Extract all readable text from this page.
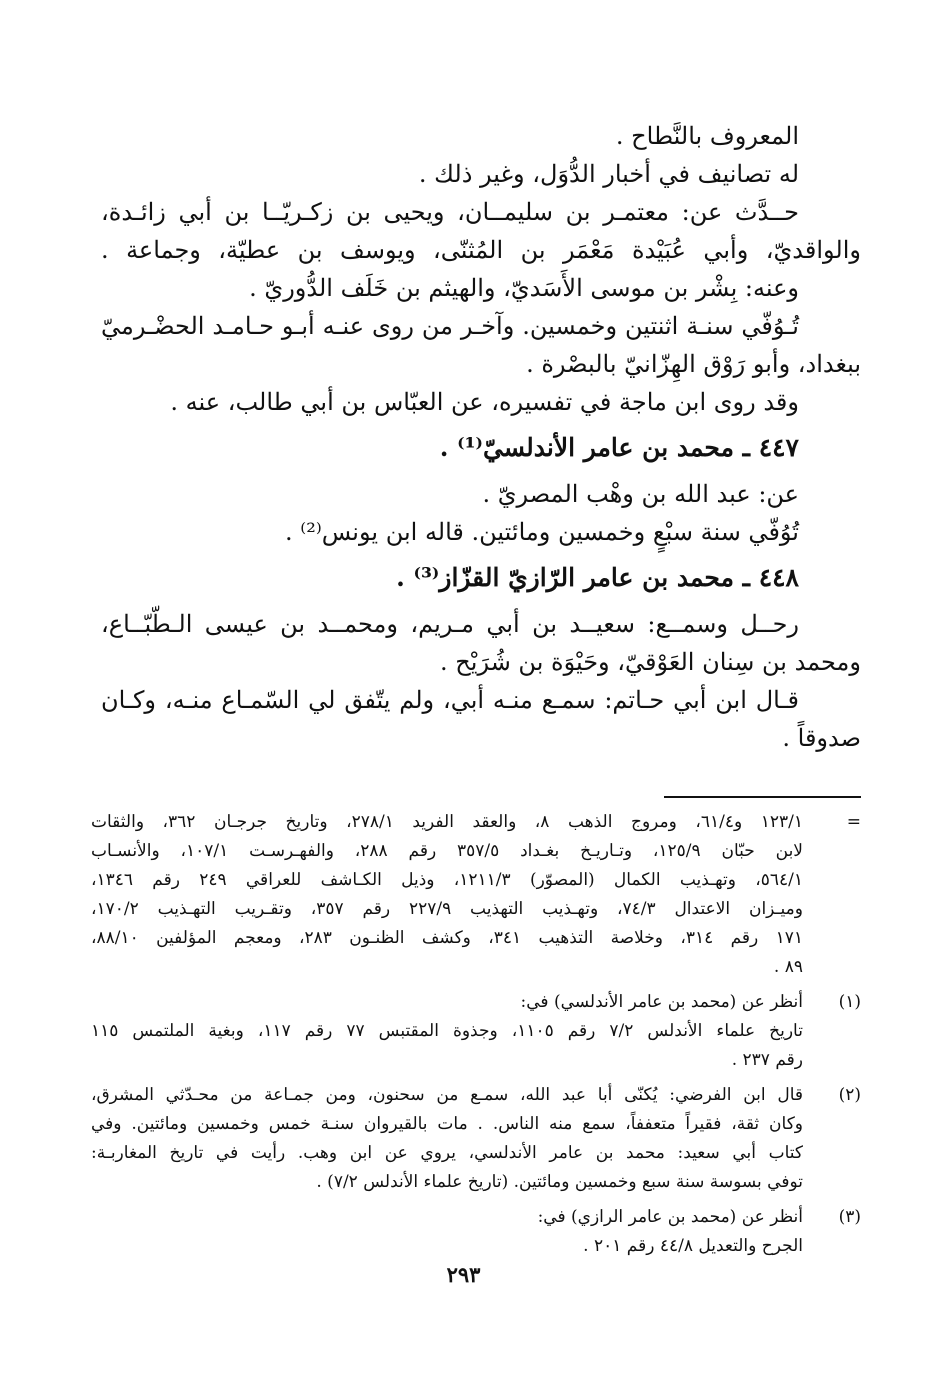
المعروف بالنَّطاح .

له تصانيف في أخبار الدُّوَل، وغير ذلك .

حــدَّث عن: معتمـر بن سليمــان، ويحيى بن زكـريّــا بن أبي زائـدة،

والواقديّ، وأبي عُبَيْدة مَعْمَر بن المُثنّى، ويوسف بن عطيّة، وجماعة .

وعنه: بِشْر بن موسى الأَسَديّ، والهيثم بن خَلَف الدُّوريّ .

تُـوُفّي سنـة اثنتين وخمسين. وآخـر من روى عنـه أبـو حـامـد الحضْـرميّ

ببغداد، وأبو رَوْق الهِزّانيّ بالبصْرة .

وقد روى ابن ماجة في تفسيره، عن العبّاس بن أبي طالب، عنه .

٤٤٧ ـ محمد بن عامر الأندلسيّ⁽¹⁾ .

عن: عبد الله بن وهْب المصريّ .

تُوُفّي سنة سبْعٍ وخمسين ومائتين. قاله ابن يونس⁽²⁾ .

٤٤٨ ـ محمد بن عامر الرّازيّ القزّاز⁽³⁾ .

رحــل وسمــع: سعيــد بن أبي مـريم، ومحمــد بن عيسى الـطّبّــاع،

ومحمد بن سِنان العَوْقيّ، وحَيْوَة بن شُرَيْح .

قـال ابن أبي حـاتم: سمـع منـه أبي، ولم يتّفق لي السّمـاع منـه، وكـان

صدوقاً .

=

١٢٣/١ و٦١/٤، ومروج الذهب ٨، والعقد الفريد ٢٧٨/١، وتاريخ جرجـان ٣٦٢، والثقات

لابن حبّان ١٢٥/٩، وتـاريـخ بغـداد ٣٥٧/٥ رقم ٢٨٨، والفهـرسـت ١٠٧/١، والأنسـاب

٥٦٤/١، وتهـذيب الكمال (المصوّر) ١٢١١/٣، وذيل الكـاشف للعراقي ٢٤٩ رقم ١٣٤٦،

وميـزان الاعتدال ٧٤/٣، وتهـذيب التهذيب ٢٢٧/٩ رقم ٣٥٧، وتقـريب التهـذيب ١٧٠/٢،

١٧١ رقم ٣١٤، وخلاصة التذهيب ٣٤١، وكشف الظنـون ٢٨٣، ومعجم المؤلفين ٨٨/١٠،

٨٩ .

(١)

أنظر عن (محمد بن عامر الأندلسي) في:

تاريخ علماء الأندلس ٧/٢ رقم ١١٠٥، وجذوة المقتبس ٧٧ رقم ١١٧، وبغية الملتمس ١١٥

رقم ٢٣٧ .

(٢)

قال ابن الفرضي: يُكنّى أبا عبد الله، سمـع من سحنون، ومن جمـاعة من محـدّثي المشرق،

وكان ثقة، فقيراً متعففاً، سمع منه الناس. . مات بالقيروان سنـة خمس وخمسين ومائتين. وفي

كتاب أبي سعيد: محمد بن عامر الأندلسي، يروي عن ابن وهب. رأيت في تاريخ المغاربـة:

توفي بسوسة سنة سبع وخمسين ومائتين. (تاريخ علماء الأندلس ٧/٢) .

(٣)

أنظر عن (محمد بن عامر الرازي) في:

الجرح والتعديل ٤٤/٨ رقم ٢٠١ .

٢٩٣
